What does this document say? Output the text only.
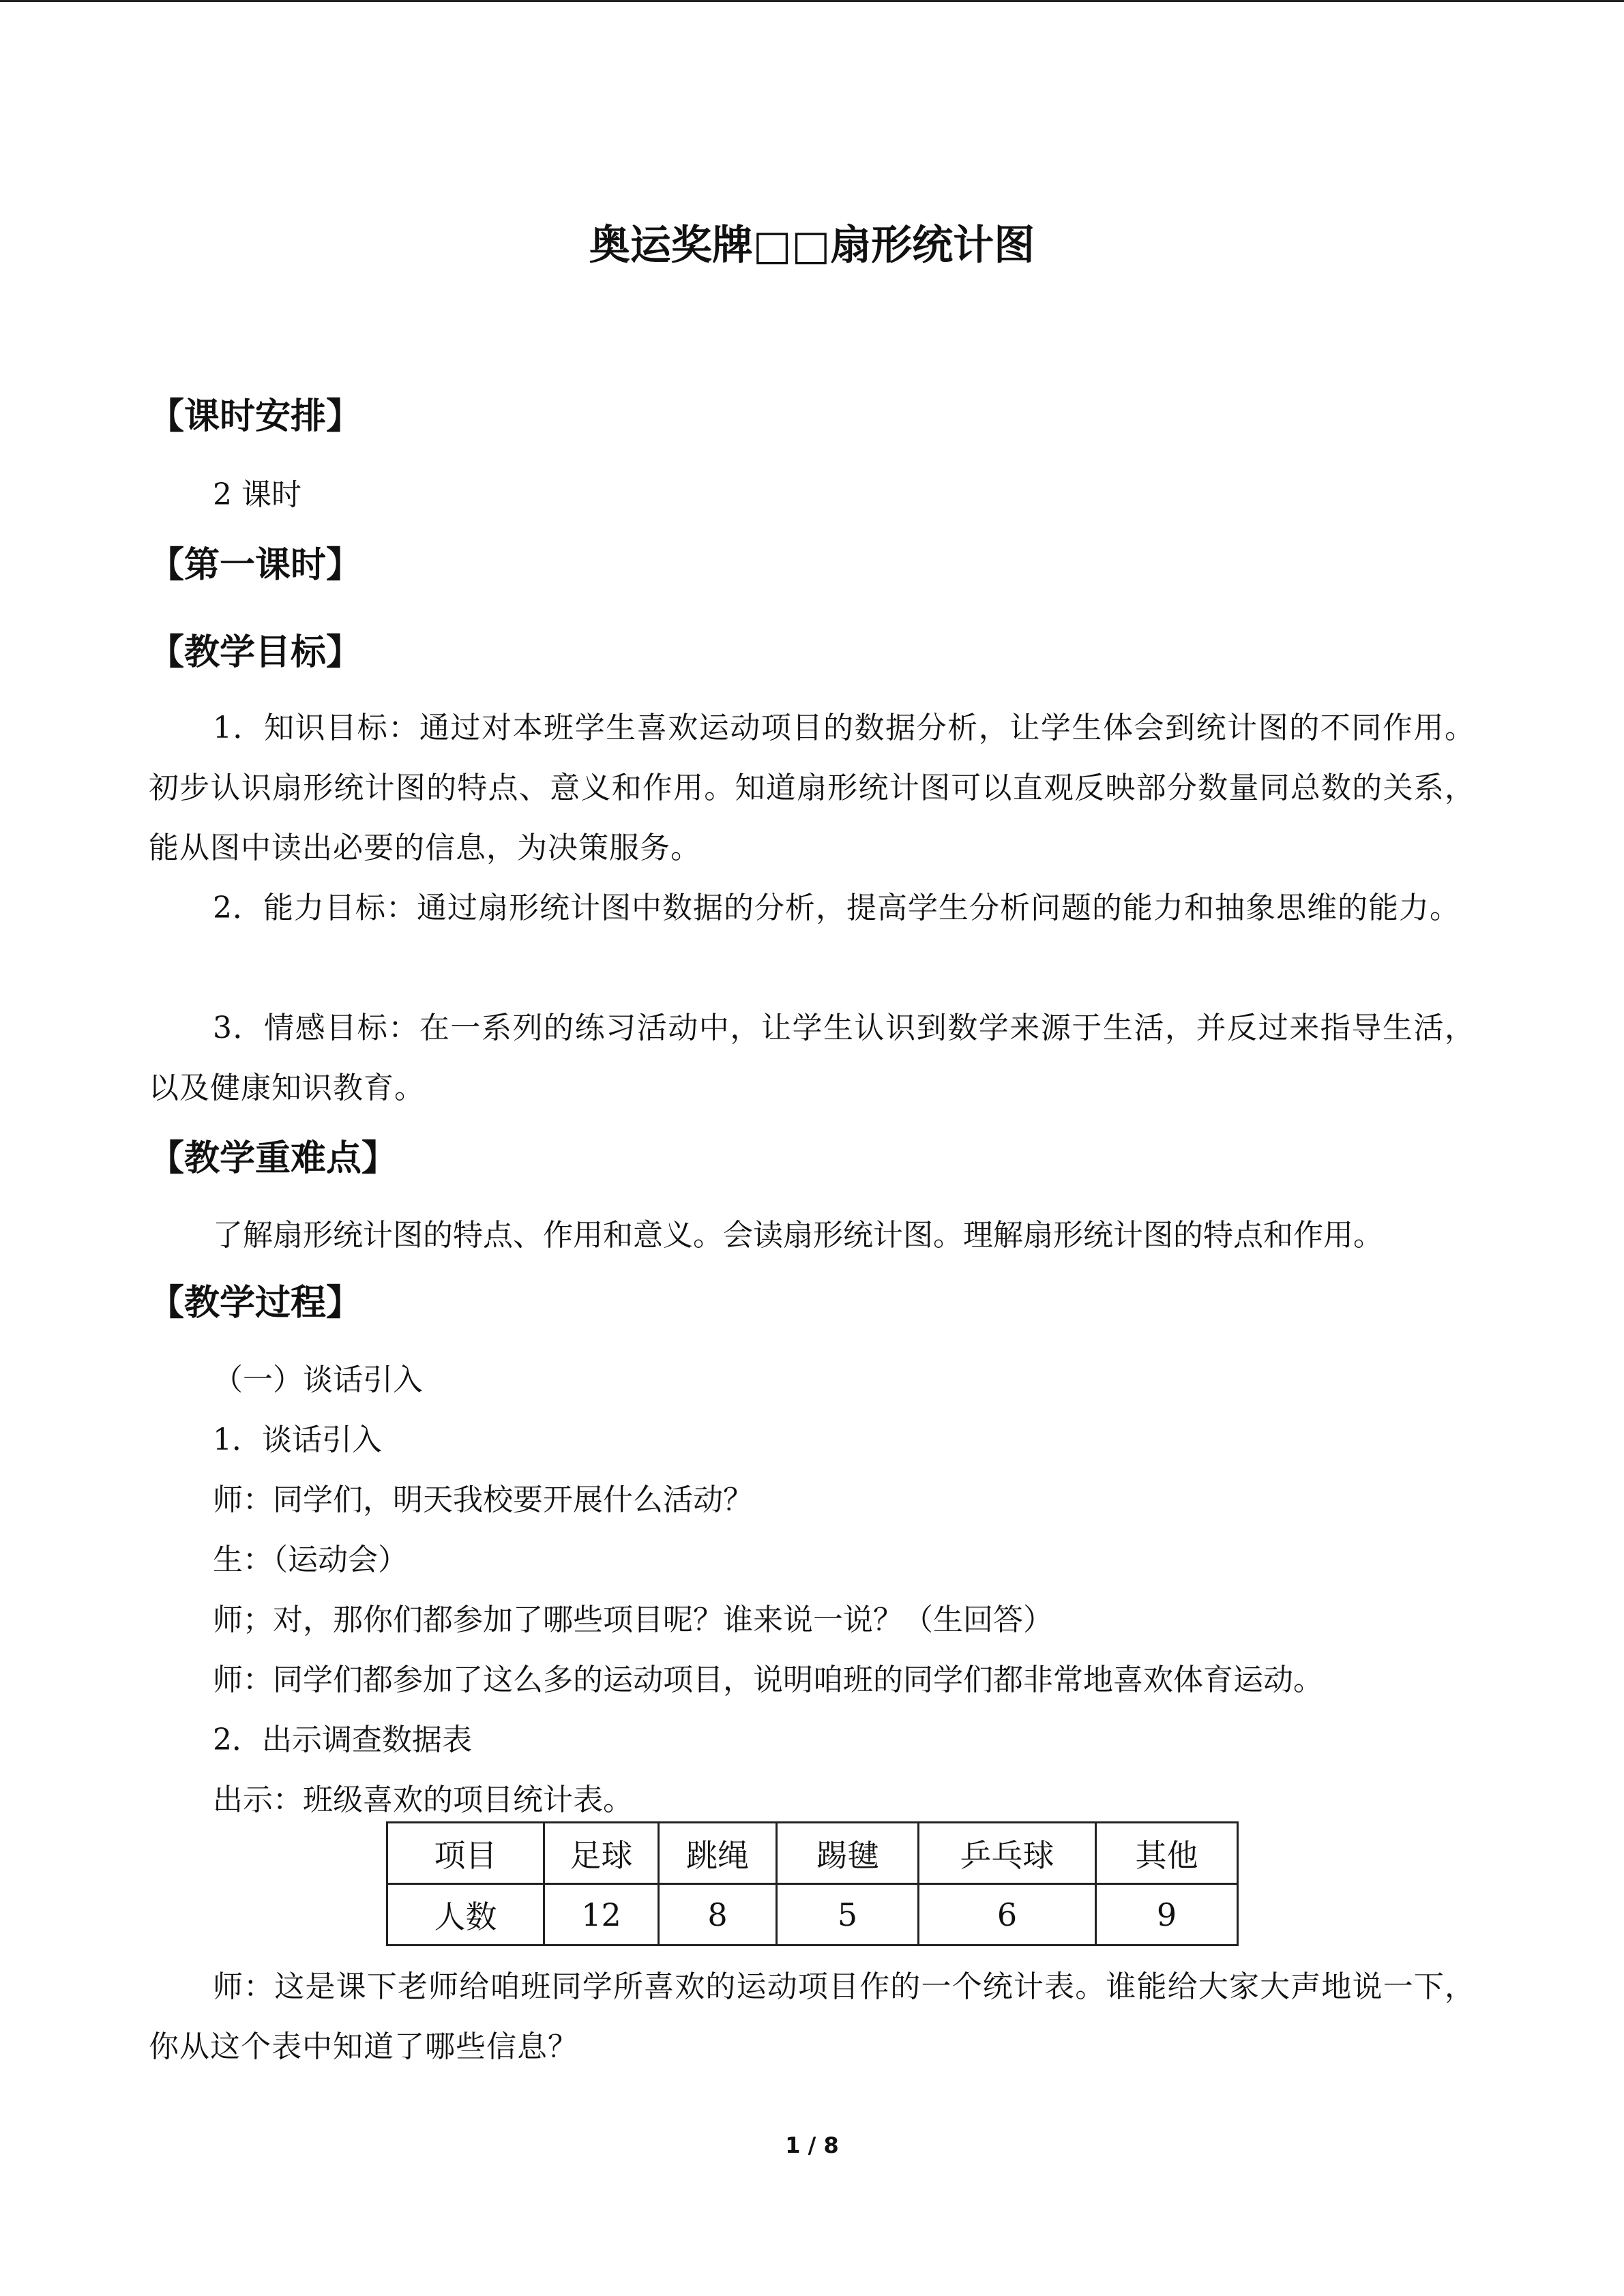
奥运奖牌□□扇形统计图
【课时安排】
2 课时
【第一课时】
【教学目标】
1．知识目标：通过对本班学生喜欢运动项目的数据分析，让学生体会到统计图的不同作用。初步认识扇形统计图的特点、意义和作用。知道扇形统计图可以直观反映部分数量同总数的关系，能从图中读出必要的信息，为决策服务。
2．能力目标：通过扇形统计图中数据的分析，提高学生分析问题的能力和抽象思维的能力。
3．情感目标：在一系列的练习活动中，让学生认识到数学来源于生活，并反过来指导生活，以及健康知识教育。
【教学重难点】
了解扇形统计图的特点、作用和意义。会读扇形统计图。理解扇形统计图的特点和作用。
【教学过程】
（一）谈话引入
1．谈话引入
师：同学们，明天我校要开展什么活动？
生：（运动会）
师；对，那你们都参加了哪些项目呢？谁来说一说？（生回答）
师：同学们都参加了这么多的运动项目，说明咱班的同学们都非常地喜欢体育运动。
2．出示调查数据表
出示：班级喜欢的项目统计表。
项目	足球	跳绳	踢毽	乒乓球	其他
人数	12	8	5	6	9
师：这是课下老师给咱班同学所喜欢的运动项目作的一个统计表。谁能给大家大声地说一下，你从这个表中知道了哪些信息？
1 / 8
